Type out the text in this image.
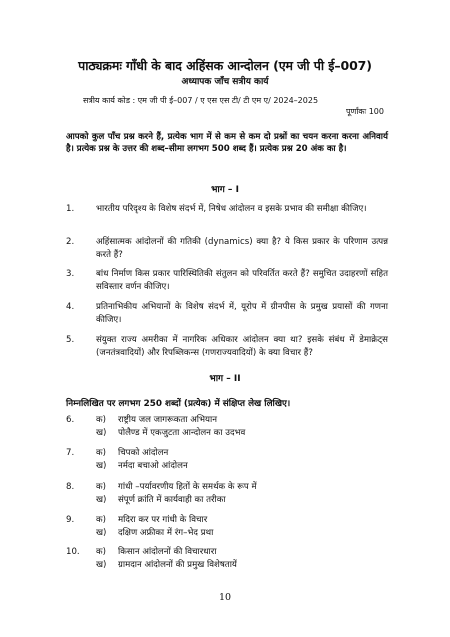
पाठ्यक्रमः गाँधी के बाद अहिंसक आन्दोलन (एम जी पी ई–007)
अध्यापक जाँच सत्रीय कार्य
सत्रीय कार्य कोड : एम जी पी ई–007 / ए एस एस टी/ टी एम ए/ 2024–2025
पूर्णांकः 100
आपको कुल पाँच प्रश्न करने हैं, प्रत्येक भाग में से कम से कम दो प्रश्नों का चयन करना करना अनिवार्य है। प्रत्येक प्रश्न के उत्तर की शब्द–सीमा लगभग 500 शब्द हैं। प्रत्येक प्रश्न 20 अंक का है।
भाग – I
1.	भारतीय परिदृश्य के विशेष संदर्भ में, निषेध आंदोलन व इसके प्रभाव की समीक्षा कीजिए।
2.	अहिंसात्मक आंदोलनों की गतिकी (dynamics) क्या है? ये किस प्रकार के परिणाम उत्पन्न करते हैं?
3.	बांध निर्माण किस प्रकार पारिस्थितिकी संतुलन को परिवर्तित करते हैं? समुचित उदाहरणों सहित सविस्तार वर्णन कीजिए।
4.	प्रतिनाभिकीय अभियानों के विशेष संदर्भ में, यूरोप में ग्रीनपीस के प्रमुख प्रयासों की गणना कीजिए।
5.	संयुक्त राज्य अमरीका में नागरिक अधिकार आंदोलन क्या था? इसके संबंध में डेमाक्रेट्स (जनतंत्रवादियों) और रिपब्लिकन्स (गणराज्यवादियों) के क्या विचार हैं?
भाग – II
निम्नलिखित पर लगभग 250 शब्दों (प्रत्येक) में संक्षिप्त लेख लिखिए।
6.	क) राष्ट्रीय जल जागरूकता अभियान
ख) पोलैण्ड में एकजुटता आन्दोलन का उदभव
7.	क) चिपको आंदोलन
ख) नर्मदा बचाओ आंदोलन
8.	क) गांधी –पर्यावरणीय हितों के समर्थक के रूप में
ख) संपूर्ण क्रांति में कार्यवाही का तरीका
9.	क) मदिरा कर पर गांधी के विचार
ख) दक्षिण अफ्रीका में रंग–भेद प्रथा
10. क) किसान आंदोलनों की विचारधारा
ख) ग्रामदान आंदोलनों की प्रमुख विशेषतायें
10
